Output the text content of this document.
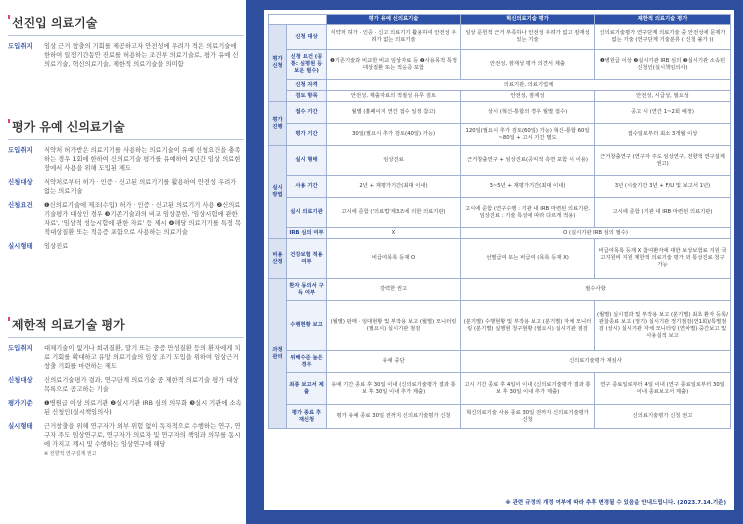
선진입 의료기술
도입취지	임상 근거 창출의 기회를 제공하고자 안전성에 우려가 적은 의료기술에 한하여 일정기간동안 진료를 허용하는 조건부 의료기술로, 평가 유예 신의료기술, 혁신의료기술, 제한적 의료기술을 의미함
평가 유예 신의료기술
도입취지	식약처 허가받은 의료기기를 사용하는 의료기술이 유예 신청요건을 충족하는 경우 1회에 한하여 신의료기술 평가를 유예하여 2년간 임상 의료현장에서 사용을 위해 도입된 제도
신청대상	식약처로부터 허가 · 인증 · 신고된 의료기기를 활용하여 안전성 우려가 없는 의료기술
신청요건	❶신의료기술에 제조(수입) 허가 · 인증 · 신고된 의료기기 사용 ❷신의료기술평가 대상인 경우 ❸기존기술과의 비교 임상문헌, '임상시험에 관한 자료', '임상적 성능시험에 관한 자료' 등 제시 ❹해당 의료기기를 특정 목적대상질환 또는 적응증 포함으로 사용하는 의료기술
실시형태	임상진료
제한적 의료기술 평가
도입취지	대체기술이 없거나 희귀질환, 말기 또는 중증 만성질환 등의 환자에게 치료 기회를 확대하고 유망 의료기술의 임상 조기 도입을 위하여 임상근거 창출 기회를 마련하는 제도
신청대상	신의료기술평가 결과, 연구단계 의료기술 중 제한적 의료기술 평가 대상 목록으로 공고하는 기술
평가기준	❶병원급 이상 의료기관 ❷실시기관 IRB 심의 의무화 ❸실시 기관에 소속된 신청인(실시책임의사)
실시형태	근거창출을 위해 연구자가 외부 위험 없이 독자적으로 수행하는 연구, 연구자 주도 임상연구로, 연구자가 의료자 및 연구자의 책임과 의무를 동시에 가지고 계시 및 수행하는 임상연구에 해당
※ 전향적 연구설계 권고
		평가 유예 신의료기술	혁신의료기술 평가	제한적 의료기술 평가
평가 신청	신청 대상	식약처 허가 · 인증 · 신고 의료기기 활용하여 안전성 우려가 없는 의료기술	임상 문헌적 근거 부족하나 안전성 우려가 없고 잠재성 있는 기술	신의료기술평가 연구단계 의료기술 중 안전성에 문제가 없는 기술 (연구단계 기술분류 ( 신청 불가 ))
	신청 요건 (공통: 심평원 등보운 필수)	❶기존기술과 비교한 비교 임상자료 등 ❷사용목적 특정대상질환 또는 적응증 포함	안전성, 잠재성 평가 의견서 제출	❶병원급 이상 ❷실시기관 IRB 심의 ❸실시기관 소속된 신청인(실시책임의사)
	신청 자격	의료기관, 의료기업체		
	검토 항목	안전성, 제출자료의 적절성 유무 검토	안전성, 잠재성	안전성, 시급성, 필요성
평가 진행	접수 기간	월별 (홈페이지 연간 접수 일정 참고)	상시 (혁신-통합의 경우 월별 접수)	공고 시 (연간 1~2회 예정)
	평가 기간	30일(필요시 추가 검토(40일) 가능)	120일(필요시 추가 검토(60일) 가능) 혁신-통합 60일~80일 + 고시 기간 별도	접수일로부터 최소 3개월 이상
실시 방법	실시 형태	임상진료	근거창출연구 + 임상진료(공익적 측면 포함 시 이용)	근거창출연구 (연구자 주도 임상연구, 전향적 연구설계 권고)
	사용 기간	2년 + 재평가기간(최대 이내)	3~5년 + 재평가기간(최대 이내)	3년 (시술기간 3년 + F/U 및 보고서 1년)
	실시 의료기관	고시에 준함 ('의료법'제3조에 의한 의료기관)	고시에 준함 (연구수행 : 기관 내 IRB 마련된 의료기관, 임상진료 : 기술 특성에 따라 다르게 적용)	고시에 준함 (기관 내 IRB 마련된 의료기관)
	IRB 심의 여부	X	O (실시기관 IRB 심의 필수)	
비용 산정	건강보험 적용 여부	비급여목록 등재 O	선별급여 또는 비급여 (목록 등재 X)	비급여목록 등재 X 참여환자에 대한 보상보험료 지원 국고지원비 지원 제한적 의료기술 평가 외 통상진료 청구 가능
과정 관리	환자 동의서 구득 여부	강력한 권고	필수사항	
	수행현황 보고	(월별) 판매 · 임대현황 및 부작용 보고 (월별) 모니터링 (필요시) 실시기관 점검	(분기별) 수행현황 및 부작용 보고 (분기별) 자체 모니터링 (분기별) 실행현 청구현황 (필요시) 실시기관 점검	(월별) 실시결과 및 부작용 보고 (분기별) 최초 환자 등록/관찰종료 보고 (정기) 실시기관 정기점검(연1회)/특별점검 (상시) 실시기관 자체 모니터링 (연차별) 중간보고 및 사용실적 보고
	위해수준 높은 경우	유예 중단	신의료기술평가 재심사	
	최종 보고서 제출	유예 기간 종료 후 30일 이내 (신의료기술평가 결과 통보 후 30일 이내 추가 제출)	고시 기간 종료 후 4일이 이내 (신의료기술평가 결과 통보 후 30일 이내 추가 제출)	연구 종료일로부터 4일 이내 (연구 종료일로부터 30일 이내 종료보고서 제출)
	평가 종료 후 재신청	평가 유예 종료 30일 전까지 신의료기술평가 신청	혁신의료기술 사용 종료 30일 전까지 신의료기술평가 신청	신의료기술평가 신청 권고
※ 관련 규정의 개정 여부에 따라 추후 변경될 수 있음을 안내드립니다. (2023.7.14.기준)
